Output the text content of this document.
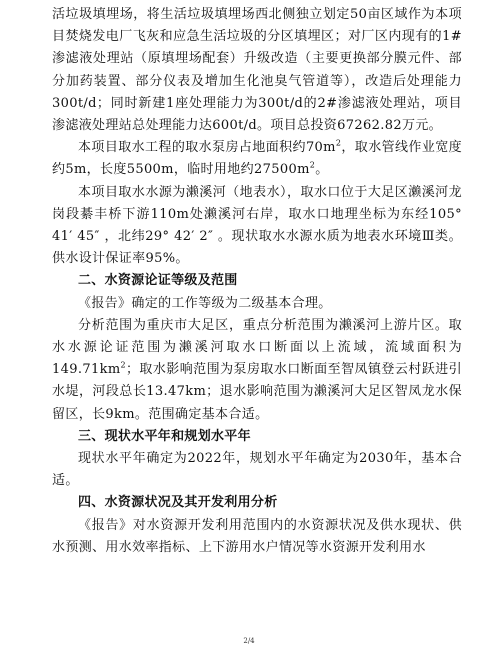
活垃圾填埋场，将生活垃圾填埋场西北侧独立划定50亩区域作为本项目焚烧发电厂飞灰和应急生活垃圾的分区填埋区；对厂区内现有的1#渗滤液处理站（原填埋场配套）升级改造（主要更换部分膜元件、部分加药装置、部分仪表及增加生化池臭气管道等），改造后处理能力300t/d；同时新建1座处理能力为300t/d的2#渗滤液处理站，项目渗滤液处理站总处理能力达600t/d。项目总投资67262.82万元。

本项目取水工程的取水泵房占地面积约$70m^2$，取水管线作业宽度约5m，长度5500m，临时用地约$27500m^2$。

本项目取水水源为濑溪河（地表水），取水口位于大足区濑溪河龙岗段綦丰桥下游110m处濑溪河右岸，取水口地理坐标为东经105° 41′ 45″ ，北纬29° 42′ 2″ 。现状取水水源水质为地表水环境Ⅲ类。供水设计保证率95%。

二、水资源论证等级及范围

《报告》确定的工作等级为二级基本合理。

分析范围为重庆市大足区，重点分析范围为濑溪河上游片区。取水水源论证范围为濑溪河取水口断面以上流域，流域面积为$149.71km^2$；取水影响范围为泵房取水口断面至智凤镇登云村跃进引水堤，河段总长13.47km；退水影响范围为濑溪河大足区智凤龙水保留区，长9km。范围确定基本合适。

三、现状水平年和规划水平年

现状水平年确定为2022年，规划水平年确定为2030年，基本合适。

四、水资源状况及其开发利用分析

《报告》对水资源开发利用范围内的水资源状况及供水现状、供水预测、用水效率指标、上下游用水户情况等水资源开发利用水

2/4
